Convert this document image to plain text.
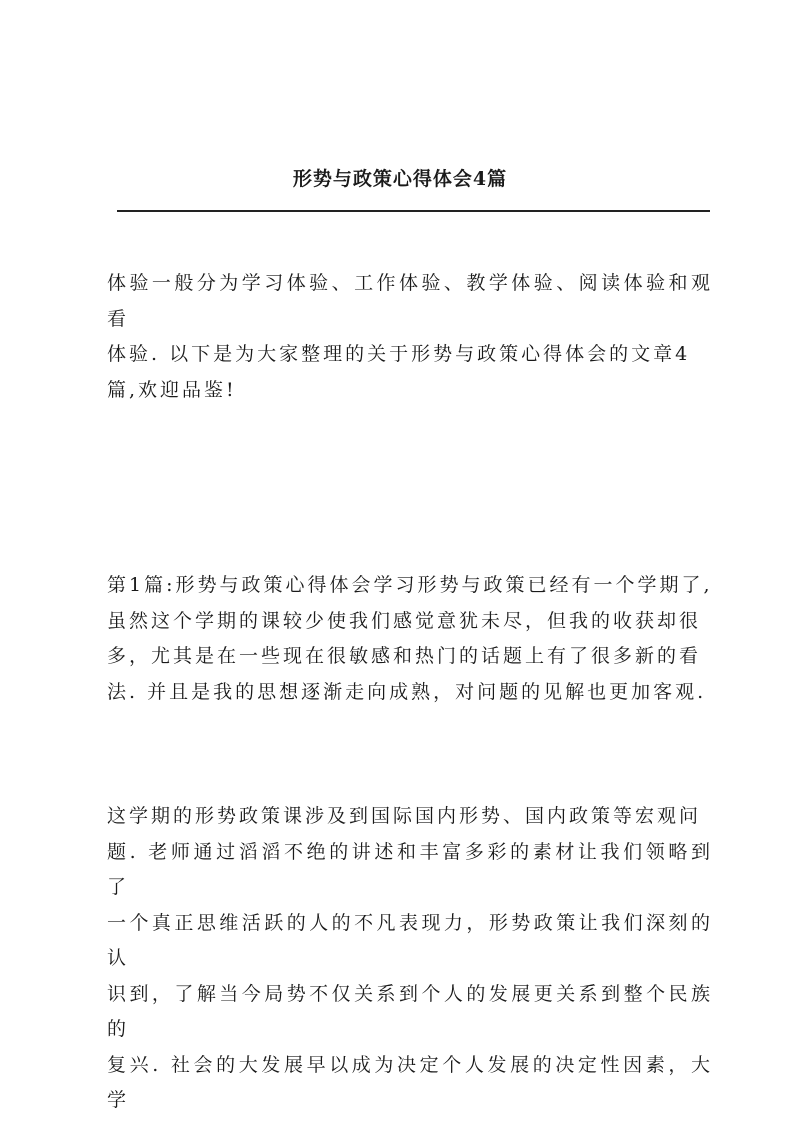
形势与政策心得体会4篇

体验一般分为学习体验、工作体验、教学体验、阅读体验和观看
体验. 以下是为大家整理的关于形势与政策心得体会的文章4
篇,欢迎品鉴!

第1篇:形势与政策心得体会学习形势与政策已经有一个学期了,
虽然这个学期的课较少使我们感觉意犹未尽，但我的收获却很
多，尤其是在一些现在很敏感和热门的话题上有了很多新的看
法. 并且是我的思想逐渐走向成熟，对问题的见解也更加客观.

这学期的形势政策课涉及到国际国内形势、国内政策等宏观问
题. 老师通过滔滔不绝的讲述和丰富多彩的素材让我们领略到了
一个真正思维活跃的人的不凡表现力，形势政策让我们深刻的认
识到，了解当今局势不仅关系到个人的发展更关系到整个民族的
复兴. 社会的大发展早以成为决定个人发展的决定性因素，大学
